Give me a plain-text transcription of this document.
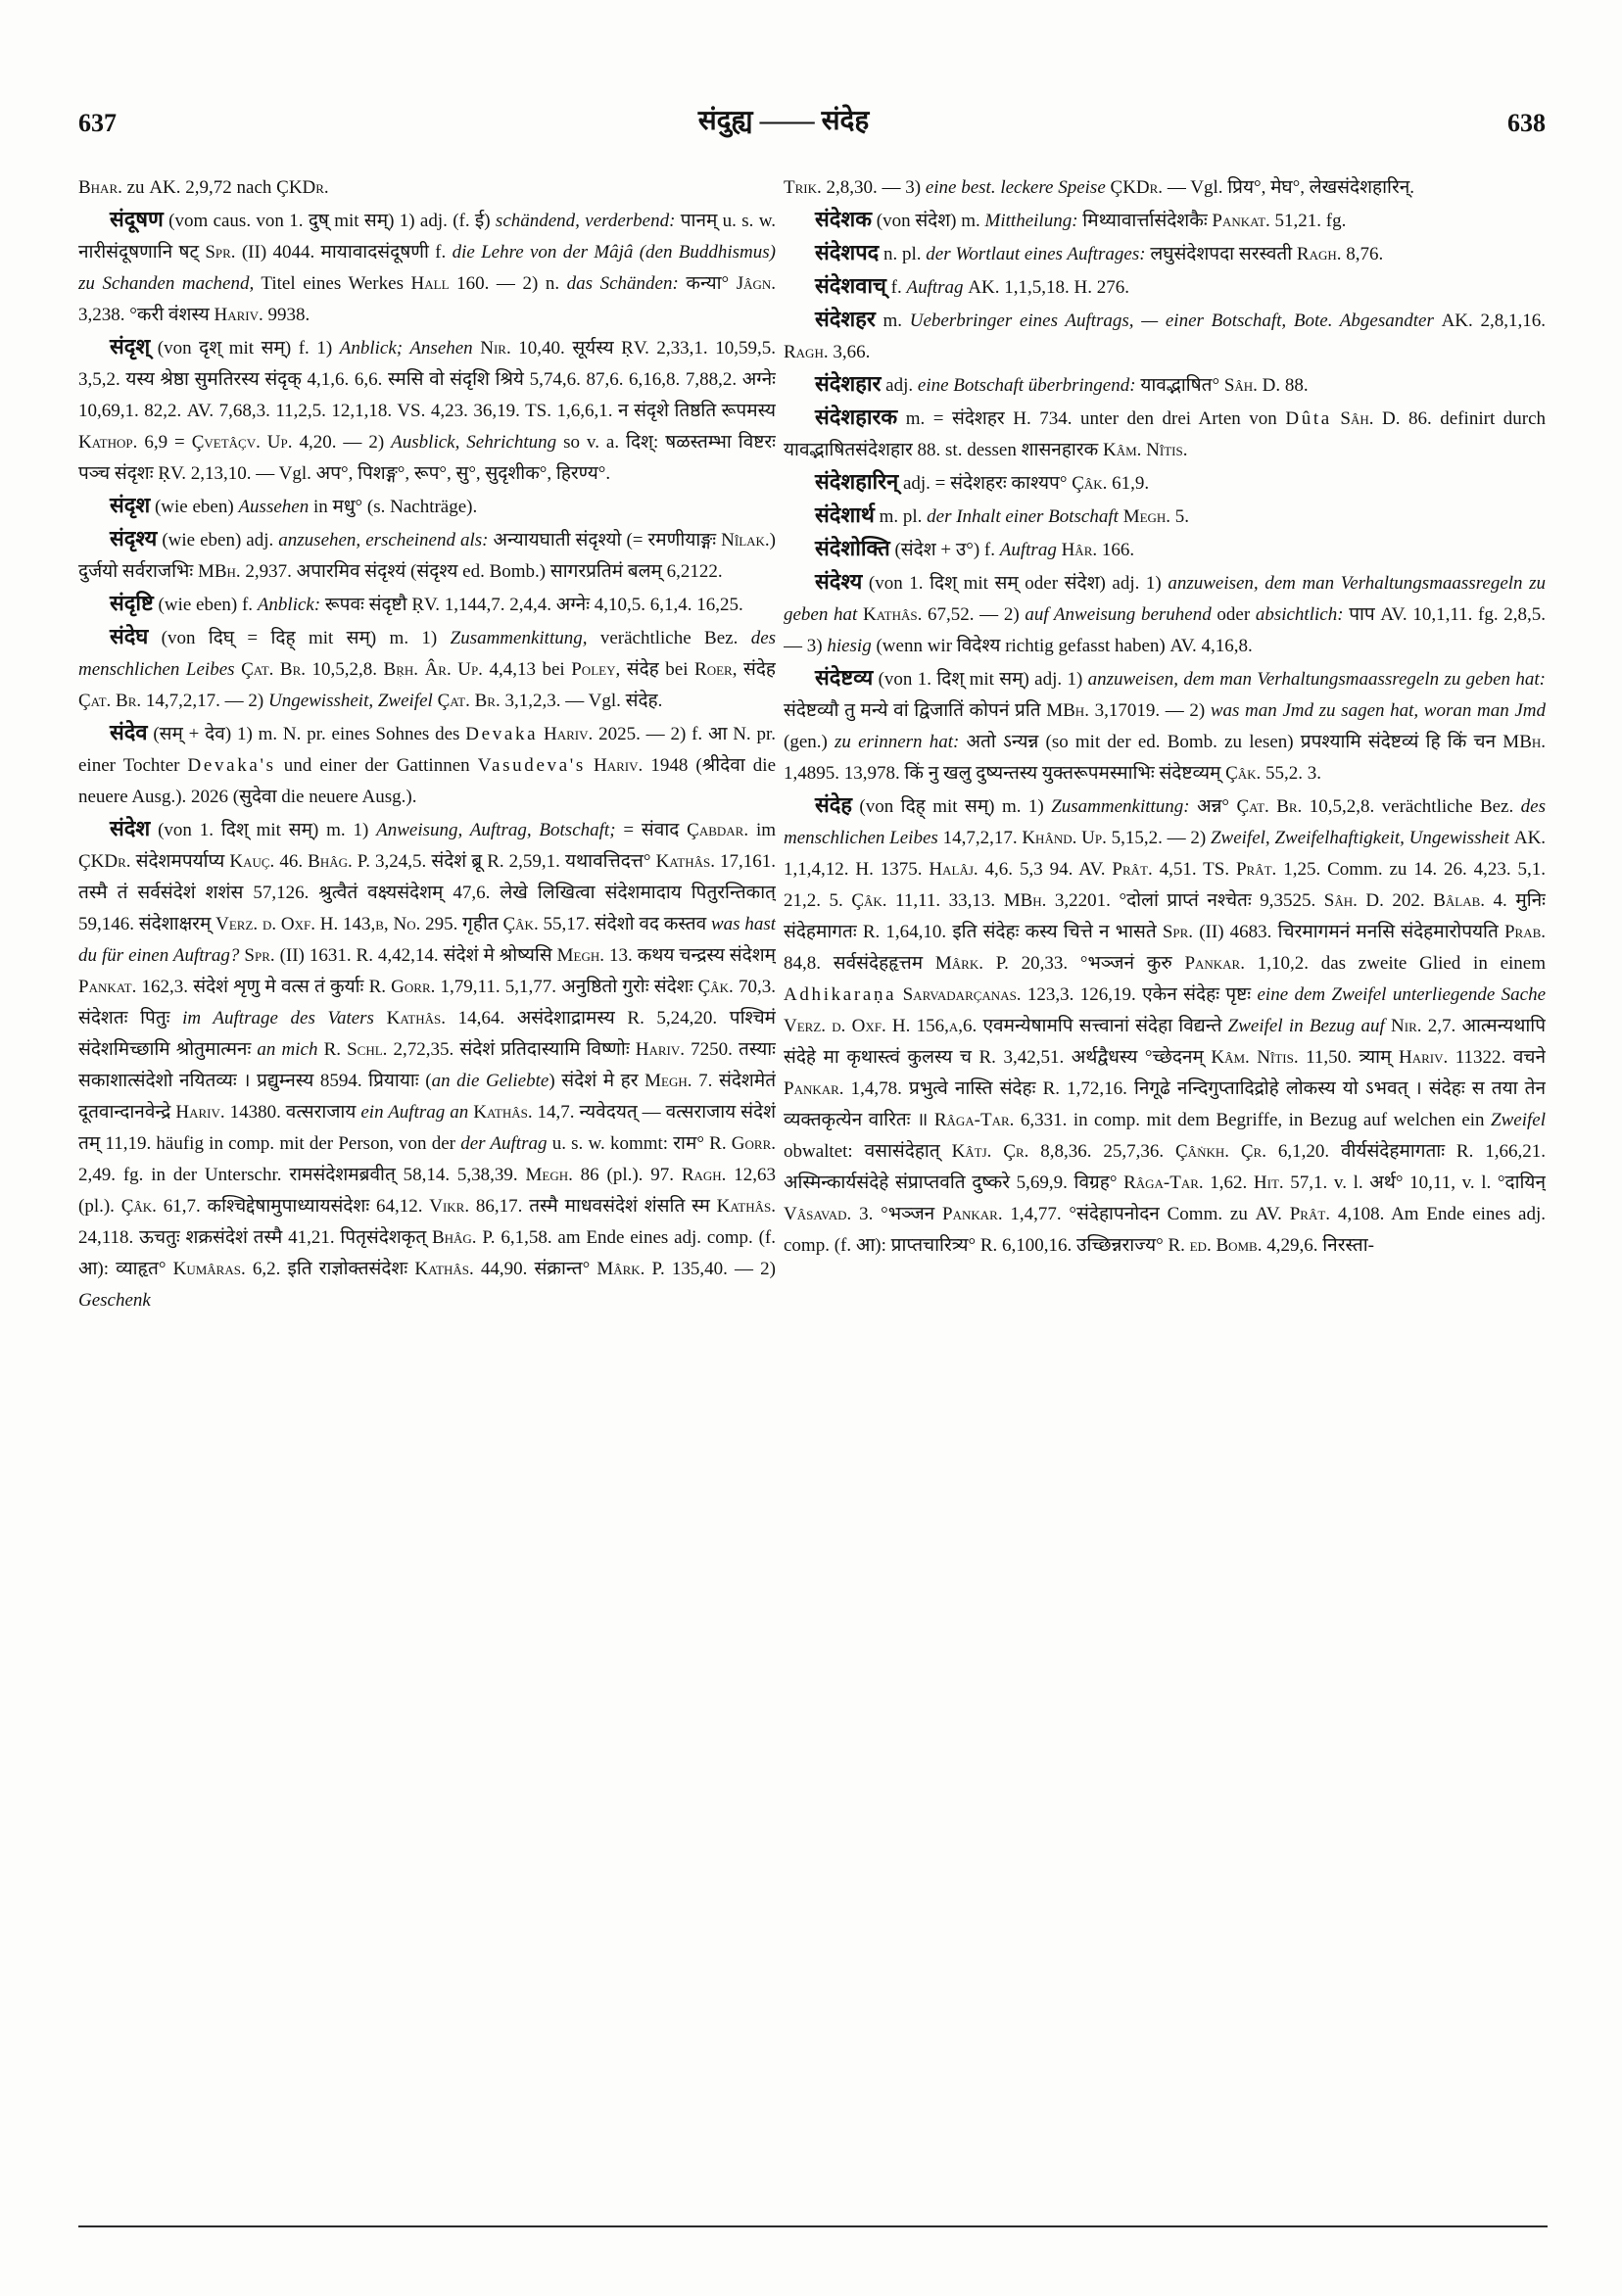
637	संदुह्य —— संदेह	638

Bhar. zu AK. 2,9,72 nach ÇKDr.

संदूषण (vom caus. von 1. दुष् mit सम्) 1) adj. (f. ई) schändend, verderbend: पानम् u. s. w. नारीसंदूषणानि षट् Spr. (II) 4044. मायावादसंदूषणी f. die Lehre von der Mâjâ (den Buddhismus) zu Schanden machend, Titel eines Werkes Hall 160. — 2) n. das Schänden: कन्या° Jâgn. 3,238. °करी वंशस्य Hariv. 9938.

संदृश् (von दृश् mit सम्) f. 1) Anblick; Ansehen Nir. 10,40. सूर्यस्य ṚV. 2,33,1. 10,59,5. 3,5,2. यस्य श्रेष्ठा सुमतिरस्य संदृक् 4,1,6. 6,6. स्मसि वो संदृशि श्रिये 5,74,6. 87,6. 6,16,8. 7,88,2. अग्नेः 10,69,1. 82,2. AV. 7,68,3. 11,2,5. 12,1,18. VS. 4,23. 36,19. TS. 1,6,6,1. न संदृशे तिष्ठति रूपमस्य Kathop. 6,9 = Çvetâçv. Up. 4,20. — 2) Ausblick, Sehrichtung so v. a. दिश्: षळस्तम्भा विष्टरः पञ्च संदृशः ṚV. 2,13,10. — Vgl. अप°, पिशङ्ग°, रूप°, सु°, सुदृशीक°, हिरण्य°.

संदृश (wie eben) Aussehen in मधु° (s. Nachträge).

संदृश्य (wie eben) adj. anzusehen, erscheinend als: अन्यायघाती संदृश्यो (= रमणीयाङ्गः Nîlak.) दुर्जयो सर्वराजभिः MBh. 2,937. अपारमिव संदृश्यं (संदृश्य ed. Bomb.) सागरप्रतिमं बलम् 6,2122.

संदृष्टि (wie eben) f. Anblick: रूपवः संदृष्टौ ṚV. 1,144,7. 2,4,4. अग्नेः 4,10,5. 6,1,4. 16,25.

संदेघ (von दिघ् = दिह् mit सम्) m. 1) Zusammenkittung, verächtliche Bez. des menschlichen Leibes Çat. Br. 10,5,2,8. Bṛh. Âr. Up. 4,4,13 bei Poley, संदेह bei Roer, संदेह Çat. Br. 14,7,2,17. — 2) Ungewissheit, Zweifel Çat. Br. 3,1,2,3. — Vgl. संदेह.

संदेव (सम् + देव) 1) m. N. pr. eines Sohnes des Devaka Hariv. 2025. — 2) f. आ N. pr. einer Tochter Devaka's und einer der Gattinnen Vasudeva's Hariv. 1948 (श्रीदेवा die neuere Ausg.). 2026 (सुदेवा die neuere Ausg.).

संदेश (von 1. दिश् mit सम्) m. 1) Anweisung, Auftrag, Botschaft; = संवाद Çabdar. im ÇKDr. संदेशमपर्याप्य Kauç. 46. Bhâg. P. 3,24,5. संदेशं ब्रू R. 2,59,1. यथावत्तिदत्त° Kathâs. 17,161. तस्मै तं सर्वसंदेशं शशंस 57,126. श्रुत्वैतं वक्ष्यसंदेशम् 47,6. लेखे लिखित्वा संदेशमादाय पितुरन्तिकात् 59,146. संदेशाक्षरम् Verz. d. Oxf. H. 143,b, No. 295. गृहीत Çâk. 55,17. संदेशो वद कस्तव was hast du für einen Auftrag? Spr. (II) 1631. R. 4,42,14. संदेशं मे श्रोष्यसि Megh. 13. कथय चन्द्रस्य संदेशम् Pankat. 162,3. संदेशं शृणु मे वत्स तं कुर्याः R. Gorr. 1,79,11. 5,1,77. अनुष्ठितो गुरोः संदेशः Çâk. 70,3. संदेशतः पितुः im Auftrage des Vaters Kathâs. 14,64. असंदेशाद्रामस्य R. 5,24,20. पश्चिमं संदेशमिच्छामि श्रोतुमात्मनः an mich R. Schl. 2,72,35. संदेशं प्रतिदास्यामि विष्णोः Hariv. 7250. तस्याः सकाशात्संदेशो नयितव्यः । प्रद्युम्नस्य 8594. प्रियायाः (an die Geliebte) संदेशं मे हर Megh. 7. संदेशमेतं दूतवान्दानवेन्द्रे Hariv. 14380. वत्सराजाय ein Auftrag an Kathâs. 14,7. न्यवेदयत् — वत्सराजाय संदेशं तम् 11,19. häufig in comp. mit der Person, von der der Auftrag u. s. w. kommt: राम° R. Gorr. 2,49. fg. in der Unterschr. रामसंदेशमब्रवीत् 58,14. 5,38,39. Megh. 86 (pl.). 97. Ragh. 12,63 (pl.). Çâk. 61,7. कश्चिद्देषामुपाध्यायसंदेशः 64,12. Vikr. 86,17. तस्मै माधवसंदेशं शंसति स्म Kathâs. 24,118. ऊचतुः शक्रसंदेशं तस्मै 41,21. पितृसंदेशकृत् Bhâg. P. 6,1,58. am Ende eines adj. comp. (f. आ): व्याहृत° Kumâras. 6,2. इति राज्ञोक्तसंदेशः Kathâs. 44,90. संक्रान्त° Mârk. P. 135,40. — 2) Geschenk

Trik. 2,8,30. — 3) eine best. leckere Speise ÇKDr. — Vgl. प्रिय°, मेघ°, लेखसंदेशहारिन्.

संदेशक (von संदेश) m. Mittheilung: मिथ्यावार्त्तासंदेशकैः Pankat. 51,21. fg.

संदेशपद n. pl. der Wortlaut eines Auftrages: लघुसंदेशपदा सरस्वती Ragh. 8,76.

संदेशवाच् f. Auftrag AK. 1,1,5,18. H. 276.

संदेशहर m. Ueberbringer eines Auftrags, — einer Botschaft, Bote. Abgesandter AK. 2,8,1,16. Ragh. 3,66.

संदेशहार adj. eine Botschaft überbringend: यावद्भाषित° Sâh. D. 88.

संदेशहारक m. = संदेशहर H. 734. unter den drei Arten von Dûta Sâh. D. 86. definirt durch यावद्भाषितसंदेशहार 88. st. dessen शासनहारक Kâm. Nîtis.

संदेशहारिन् adj. = संदेशहरः काश्यप° Çâk. 61,9.

संदेशार्थ m. pl. der Inhalt einer Botschaft Megh. 5.

संदेशोक्ति (संदेश + उ°) f. Auftrag Hâr. 166.

संदेश्य (von 1. दिश् mit सम् oder संदेश) adj. 1) anzuweisen, dem man Verhaltungsmaassregeln zu geben hat Kathâs. 67,52. — 2) auf Anweisung beruhend oder absichtlich: पाप AV. 10,1,11. fg. 2,8,5. — 3) hiesig (wenn wir विदेश्य richtig gefasst haben) AV. 4,16,8.

संदेष्टव्य (von 1. दिश् mit सम्) adj. 1) anzuweisen, dem man Verhaltungsmaassregeln zu geben hat: संदेष्टव्यौ तु मन्ये वां द्विजातिं कोपनं प्रति MBh. 3,17019. — 2) was man Jmd zu sagen hat, woran man Jmd (gen.) zu erinnern hat: अतो ऽन्यन्न (so mit der ed. Bomb. zu lesen) प्रपश्यामि संदेष्टव्यं हि किं चन MBh. 1,4895. 13,978. किं नु खलु दुष्यन्तस्य युक्तरूपमस्माभिः संदेष्टव्यम् Çâk. 55,2. 3.

संदेह (von दिह् mit सम्) m. 1) Zusammenkittung: अन्न° Çat. Br. 10,5,2,8. verächtliche Bez. des menschlichen Leibes 14,7,2,17. Khând. Up. 5,15,2. — 2) Zweifel, Zweifelhaftigkeit, Ungewissheit AK. 1,1,4,12. H. 1375. Halâj. 4,6. 5,3 94. AV. Prât. 4,51. TS. Prât. 1,25. Comm. zu 14. 26. 4,23. 5,1. 21,2. 5. Çâk. 11,11. 33,13. MBh. 3,2201. °दोलां प्राप्तं नश्चेतः 9,3525. Sâh. D. 202. Bâlab. 4. मुनिः संदेहमागतः R. 1,64,10. इति संदेहः कस्य चित्ते न भासते Spr. (II) 4683. चिरमागमनं मनसि संदेहमारोपयति Prab. 84,8. सर्वसंदेहहृत्तम Mârk. P. 20,33. °भञ्जनं कुरु Pankar. 1,10,2. das zweite Glied in einem Adhikaraṇa Sarvadarçanas. 123,3. 126,19. एकेन संदेहः पृष्टः eine dem Zweifel unterliegende Sache Verz. d. Oxf. H. 156,a,6. एवमन्येषामपि सत्त्वानां संदेहा विद्यन्ते Zweifel in Bezug auf Nir. 2,7. आत्मन्यथापि संदेहे मा कृथास्त्वं कुलस्य च R. 3,42,51. अर्थद्वैधस्य °च्छेदनम् Kâm. Nîtis. 11,50. त्र्याम् Hariv. 11322. वचने Pankar. 1,4,78. प्रभुत्वे नास्ति संदेहः R. 1,72,16. निगूढे नन्दिगुप्तादिद्रोहे लोकस्य यो ऽभवत् । संदेहः स तया तेन व्यक्तकृत्येन वारितः ॥ Râga-Tar. 6,331. in comp. mit dem Begriffe, in Bezug auf welchen ein Zweifel obwaltet: वसासंदेहात् Kâtj. Çr. 8,8,36. 25,7,36. Çâṅkh. Çr. 6,1,20. वीर्यसंदेहमागताः R. 1,66,21. अस्मिन्कार्यसंदेहे संप्राप्तवति दुष्करे 5,69,9. विग्रह° Râga-Tar. 1,62. Hit. 57,1. v. l. अर्थ° 10,11, v. l. °दायिन् Vâsavad. 3. °भञ्जन Pankar. 1,4,77. °संदेहापनोदन Comm. zu AV. Prât. 4,108. Am Ende eines adj. comp. (f. आ): प्राप्तचारित्र्य° R. 6,100,16. उच्छिन्नराज्य° R. ed. Bomb. 4,29,6. निरस्ता-
